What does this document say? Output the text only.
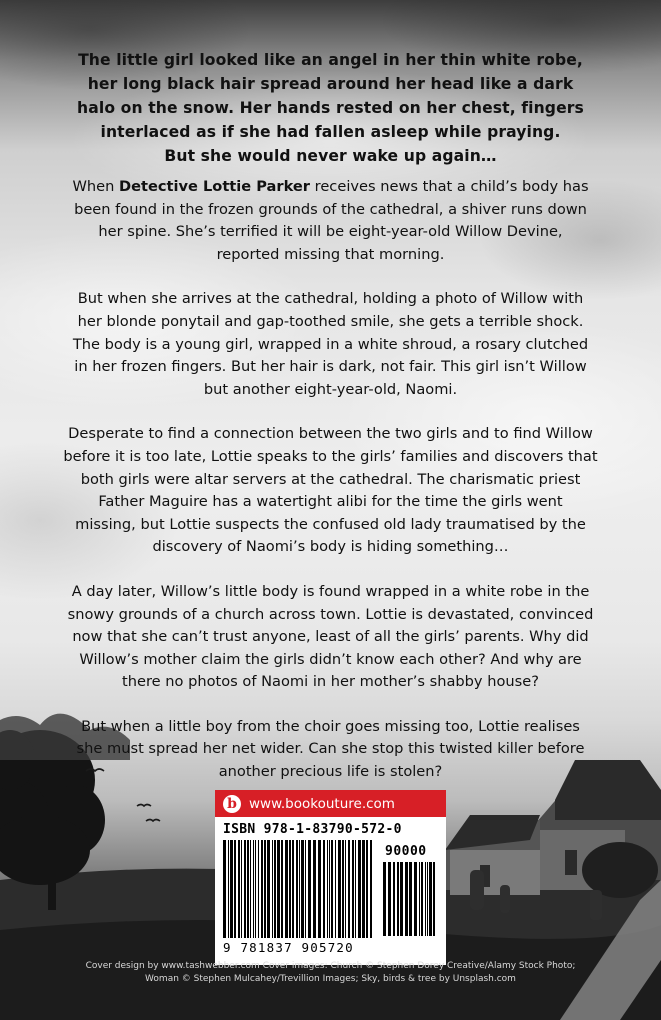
The little girl looked like an angel in her thin white robe,
her long black hair spread around her head like a dark
halo on the snow. Her hands rested on her chest, fingers
interlaced as if she had fallen asleep while praying.
But she would never wake up again…

When Detective Lottie Parker receives news that a child’s body has
been found in the frozen grounds of the cathedral, a shiver runs down
her spine. She’s terrified it will be eight-year-old Willow Devine,
reported missing that morning.

But when she arrives at the cathedral, holding a photo of Willow with
her blonde ponytail and gap-toothed smile, she gets a terrible shock.
The body is a young girl, wrapped in a white shroud, a rosary clutched
in her frozen fingers. But her hair is dark, not fair. This girl isn’t Willow
but another eight-year-old, Naomi.

Desperate to find a connection between the two girls and to find Willow
before it is too late, Lottie speaks to the girls’ families and discovers that
both girls were altar servers at the cathedral. The charismatic priest
Father Maguire has a watertight alibi for the time the girls went
missing, but Lottie suspects the confused old lady traumatised by the
discovery of Naomi’s body is hiding something…

A day later, Willow’s little body is found wrapped in a white robe in the
snowy grounds of a church across town. Lottie is devastated, convinced
now that she can’t trust anyone, least of all the girls’ parents. Why did
Willow’s mother claim the girls didn’t know each other? And why are
there no photos of Naomi in her mother’s shabby house?

But when a little boy from the choir goes missing too, Lottie realises
she must spread her net wider. Can she stop this twisted killer before
another precious life is stolen?

b www.bookouture.com
ISBN 978-1-83790-572-0
90000
9 781837 905720
Cover design by www.tashwebber.com Cover images: Church © Stephen Dorey Creative/Alamy Stock Photo;
Woman © Stephen Mulcahey/Trevillion Images; Sky, birds & tree by Unsplash.com
